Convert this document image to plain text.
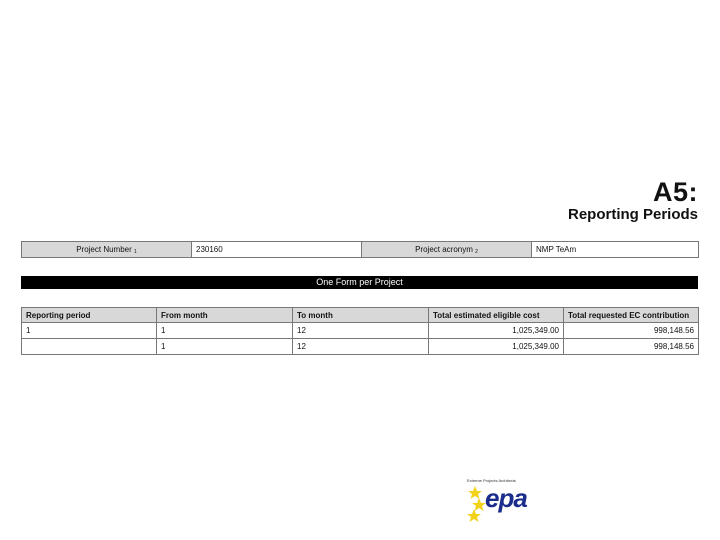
A5:
Reporting Periods
Project Number 1	230160	Project acronym 2	NMP TeAm
One Form per Project
Reporting period	From month	To month	Total estimated eligible cost	Total requested EC contribution
1	1	12	1,025,349.00	998,148.56
	1	12	1,025,349.00	998,148.56
Extreme Projects Architects
epa
